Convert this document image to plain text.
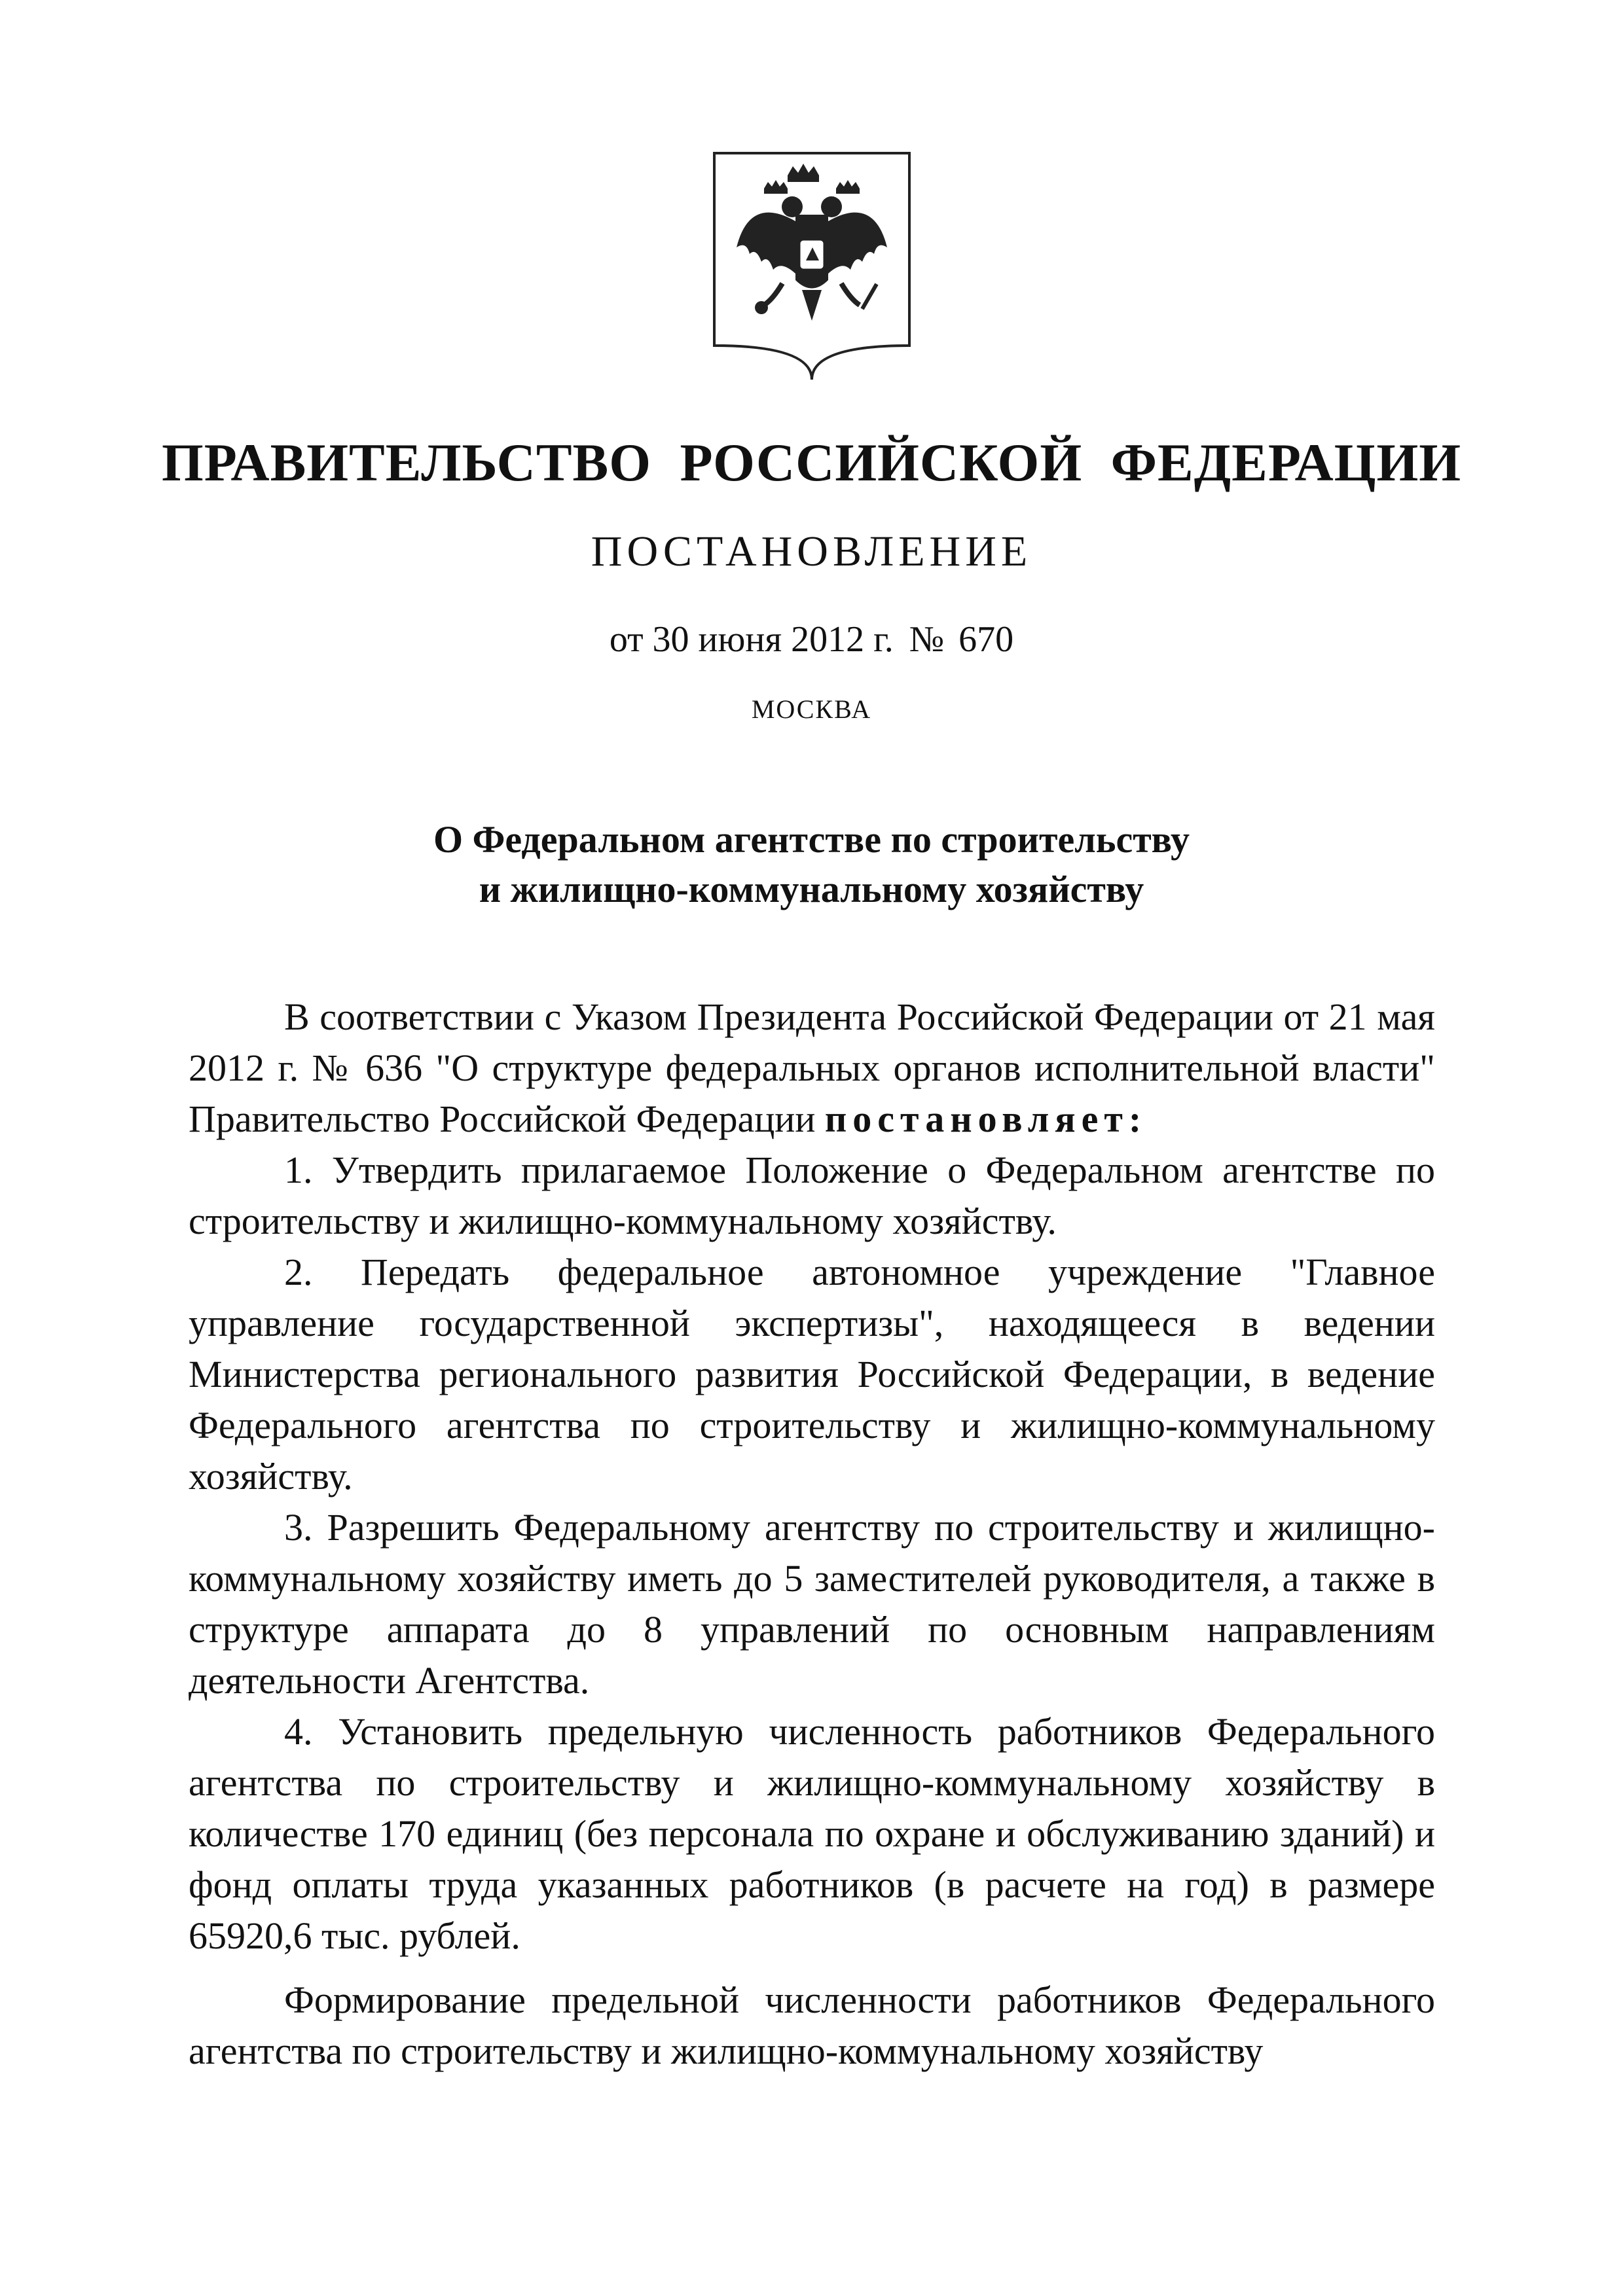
ПРАВИТЕЛЬСТВО РОССИЙСКОЙ ФЕДЕРАЦИИ
ПОСТАНОВЛЕНИЕ
от 30 июня 2012 г. № 670
МОСКВА
О Федеральном агентстве по строительству
и жилищно-коммунальному хозяйству

В соответствии с Указом Президента Российской Федерации от 21 мая 2012 г. № 636 "О структуре федеральных органов исполнительной власти" Правительство Российской Федерации постановляет:

1. Утвердить прилагаемое Положение о Федеральном агентстве по строительству и жилищно-коммунальному хозяйству.

2. Передать федеральное автономное учреждение "Главное управление государственной экспертизы", находящееся в ведении Министерства регионального развития Российской Федерации, в ведение Федерального агентства по строительству и жилищно-коммунальному хозяйству.

3. Разрешить Федеральному агентству по строительству и жилищно-коммунальному хозяйству иметь до 5 заместителей руководителя, а также в структуре аппарата до 8 управлений по основным направлениям деятельности Агентства.

4. Установить предельную численность работников Федерального агентства по строительству и жилищно-коммунальному хозяйству в количестве 170 единиц (без персонала по охране и обслуживанию зданий) и фонд оплаты труда указанных работников (в расчете на год) в размере 65920,6 тыс. рублей.

Формирование предельной численности работников Федерального агентства по строительству и жилищно-коммунальному хозяйству
